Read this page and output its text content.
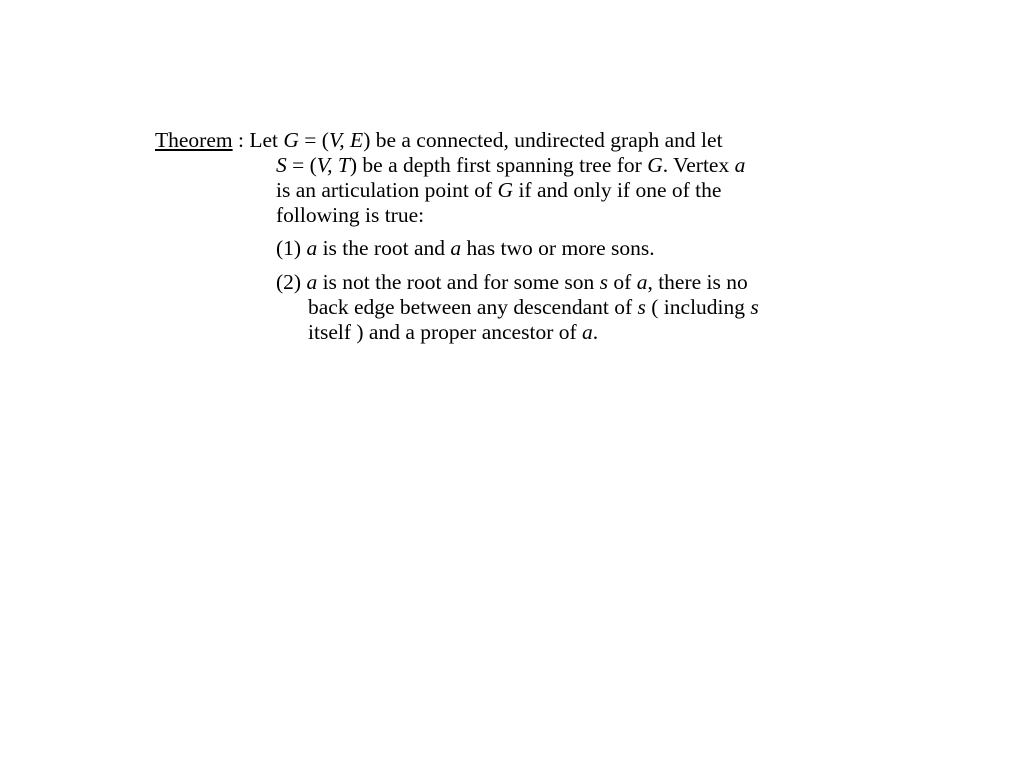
Theorem : Let G = (V, E) be a connected, undirected graph and let
S = (V, T) be a depth first spanning tree for G. Vertex a
is an articulation point of G if and only if one of the
following is true:
(1) a is the root and a has two or more sons.
(2) a is not the root and for some son s of a, there is no
back edge between any descendant of s ( including s
itself ) and a proper ancestor of a.
